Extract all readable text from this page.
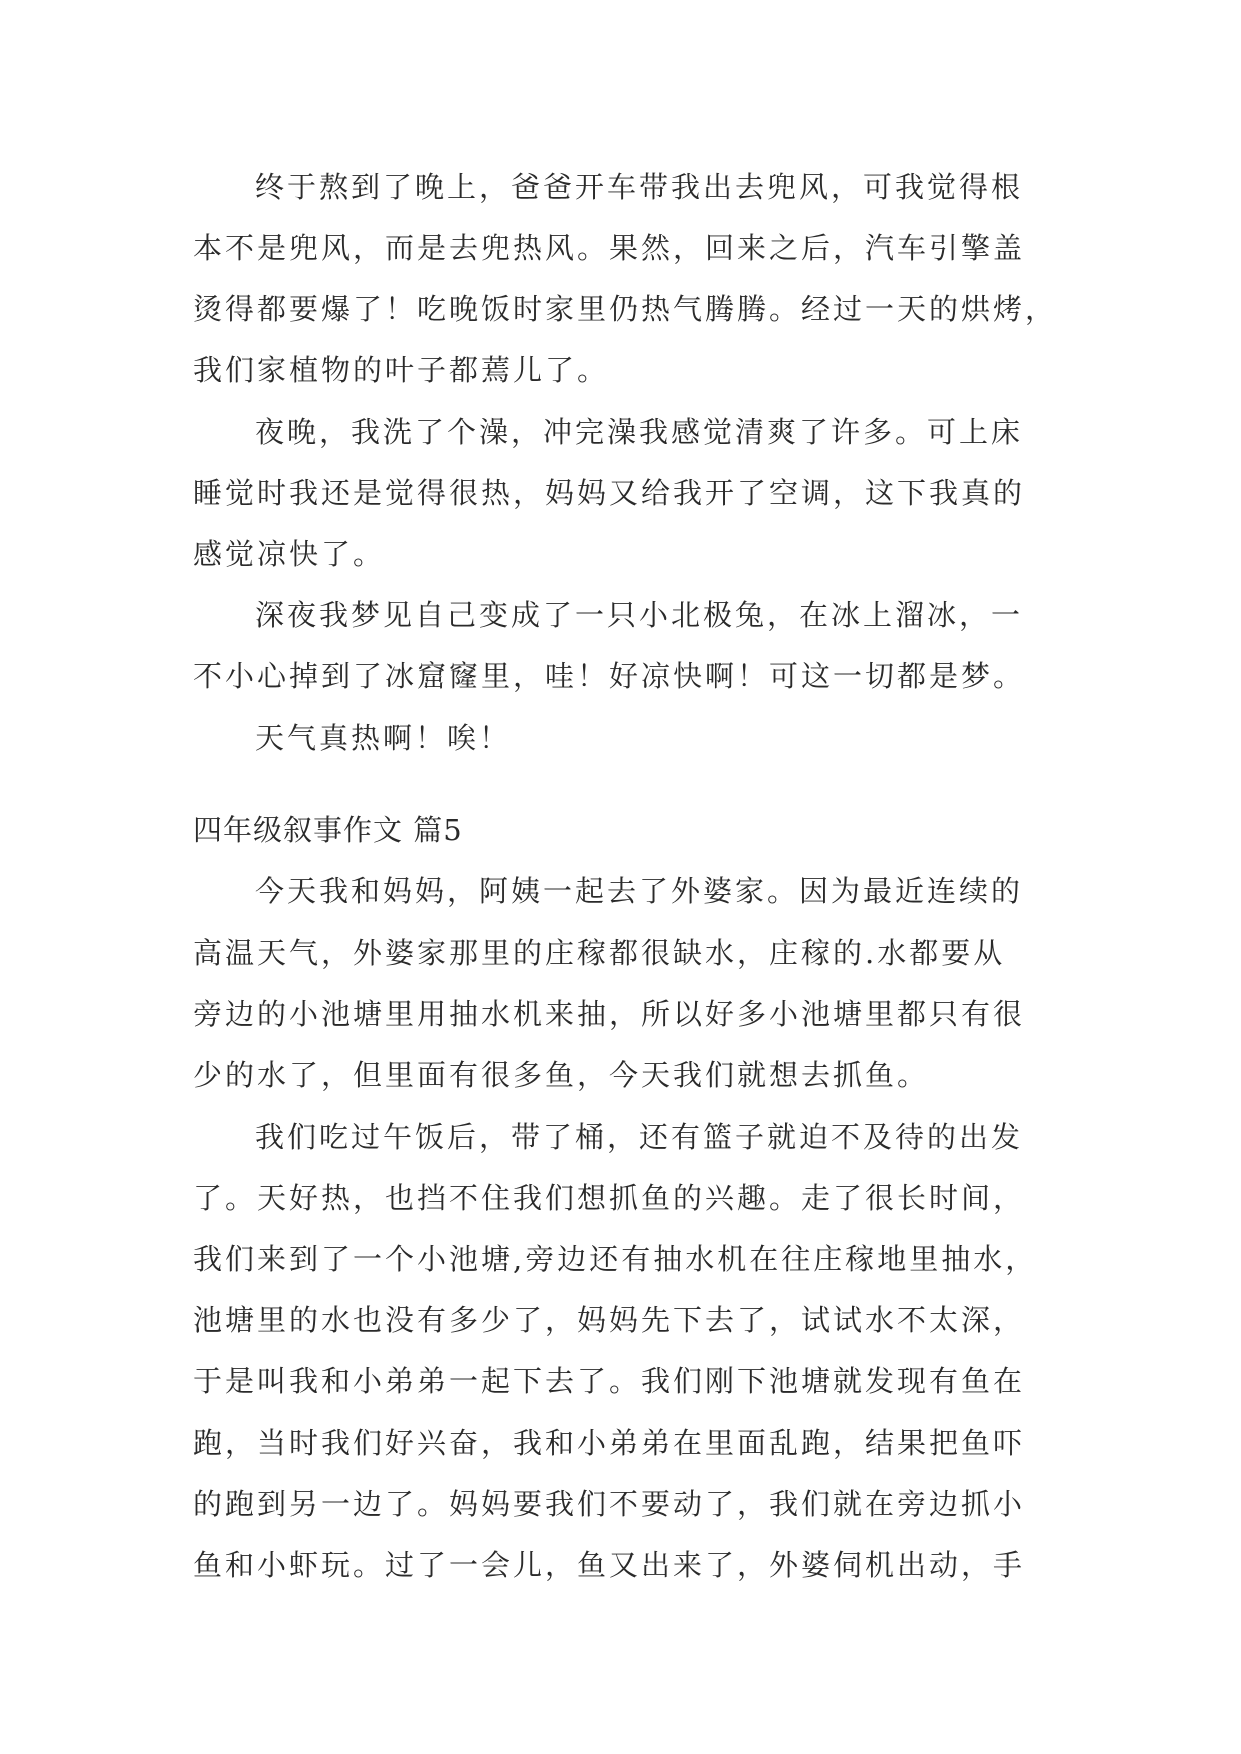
终于熬到了晚上，爸爸开车带我出去兜风，可我觉得根
本不是兜风，而是去兜热风。果然，回来之后，汽车引擎盖
烫得都要爆了！吃晚饭时家里仍热气腾腾。经过一天的烘烤，
我们家植物的叶子都蔫儿了。
夜晚，我洗了个澡，冲完澡我感觉清爽了许多。可上床
睡觉时我还是觉得很热，妈妈又给我开了空调，这下我真的
感觉凉快了。
深夜我梦见自己变成了一只小北极兔，在冰上溜冰，一
不小心掉到了冰窟窿里，哇！好凉快啊！可这一切都是梦。
天气真热啊！唉！
四年级叙事作文 篇5
今天我和妈妈，阿姨一起去了外婆家。因为最近连续的
高温天气，外婆家那里的庄稼都很缺水，庄稼的.水都要从
旁边的小池塘里用抽水机来抽，所以好多小池塘里都只有很
少的水了，但里面有很多鱼，今天我们就想去抓鱼。
我们吃过午饭后，带了桶，还有篮子就迫不及待的出发
了。天好热，也挡不住我们想抓鱼的兴趣。走了很长时间，
我们来到了一个小池塘,旁边还有抽水机在往庄稼地里抽水，
池塘里的水也没有多少了，妈妈先下去了，试试水不太深，
于是叫我和小弟弟一起下去了。我们刚下池塘就发现有鱼在
跑，当时我们好兴奋，我和小弟弟在里面乱跑，结果把鱼吓
的跑到另一边了。妈妈要我们不要动了，我们就在旁边抓小
鱼和小虾玩。过了一会儿，鱼又出来了，外婆伺机出动，手
